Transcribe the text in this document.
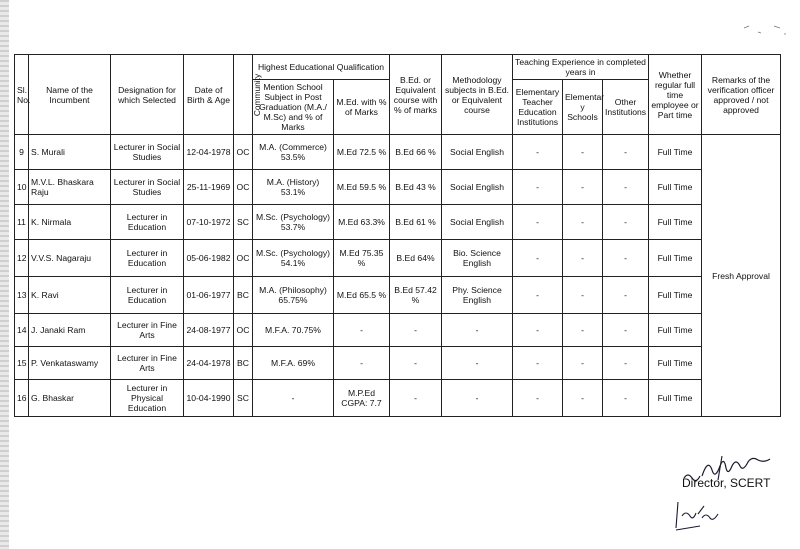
Sl. No.	Name of the Incumbent	Designation for which Selected	Date of Birth & Age	Community	Highest Educational Qualification		B.Ed. or Equivalent course with % of marks	Methodology subjects in B.Ed. or Equivalent course	Teaching Experience in completed years in			Whether regular full time employee or Part time	Remarks of the verification officer approved / not approved
					Mention School Subject in Post Graduation (M.A./ M.Sc) and % of Marks	M.Ed. with % of Marks			Elementary Teacher Education Institutions	Elementar y Schools	Other Institutions		
9	S. Murali	Lecturer in Social Studies	12-04-1978	OC	M.A. (Commerce) 53.5%	M.Ed 72.5 %	B.Ed 66 %	Social English	-	-	-	Full Time	Fresh Approval
10	M.V.L. Bhaskara Raju	Lecturer in Social Studies	25-11-1969	OC	M.A. (History) 53.1%	M.Ed 59.5 %	B.Ed 43 %	Social English	-	-	-	Full Time	
11	K. Nirmala	Lecturer in Education	07-10-1972	SC	M.Sc. (Psychology) 53.7%	M.Ed 63.3%	B.Ed 61 %	Social English	-	-	-	Full Time	
12	V.V.S. Nagaraju	Lecturer in Education	05-06-1982	OC	M.Sc. (Psychology) 54.1%	M.Ed 75.35 %	B.Ed 64%	Bio. Science English	-	-	-	Full Time	
13	K. Ravi	Lecturer in Education	01-06-1977	BC	M.A. (Philosophy) 65.75%	M.Ed 65.5 %	B.Ed 57.42 %	Phy. Science English	-	-	-	Full Time	
14	J. Janaki Ram	Lecturer in Fine Arts	24-08-1977	OC	M.F.A. 70.75%	-	-	-	-	-	-	Full Time	
15	P. Venkataswamy	Lecturer in Fine Arts	24-04-1978	BC	M.F.A. 69%	-	-	-	-	-	-	Full Time	
16	G. Bhaskar	Lecturer in Physical Education	10-04-1990	SC	-	M.P.Ed CGPA: 7.7	-	-	-	-	-	Full Time	
Director, SCERT
